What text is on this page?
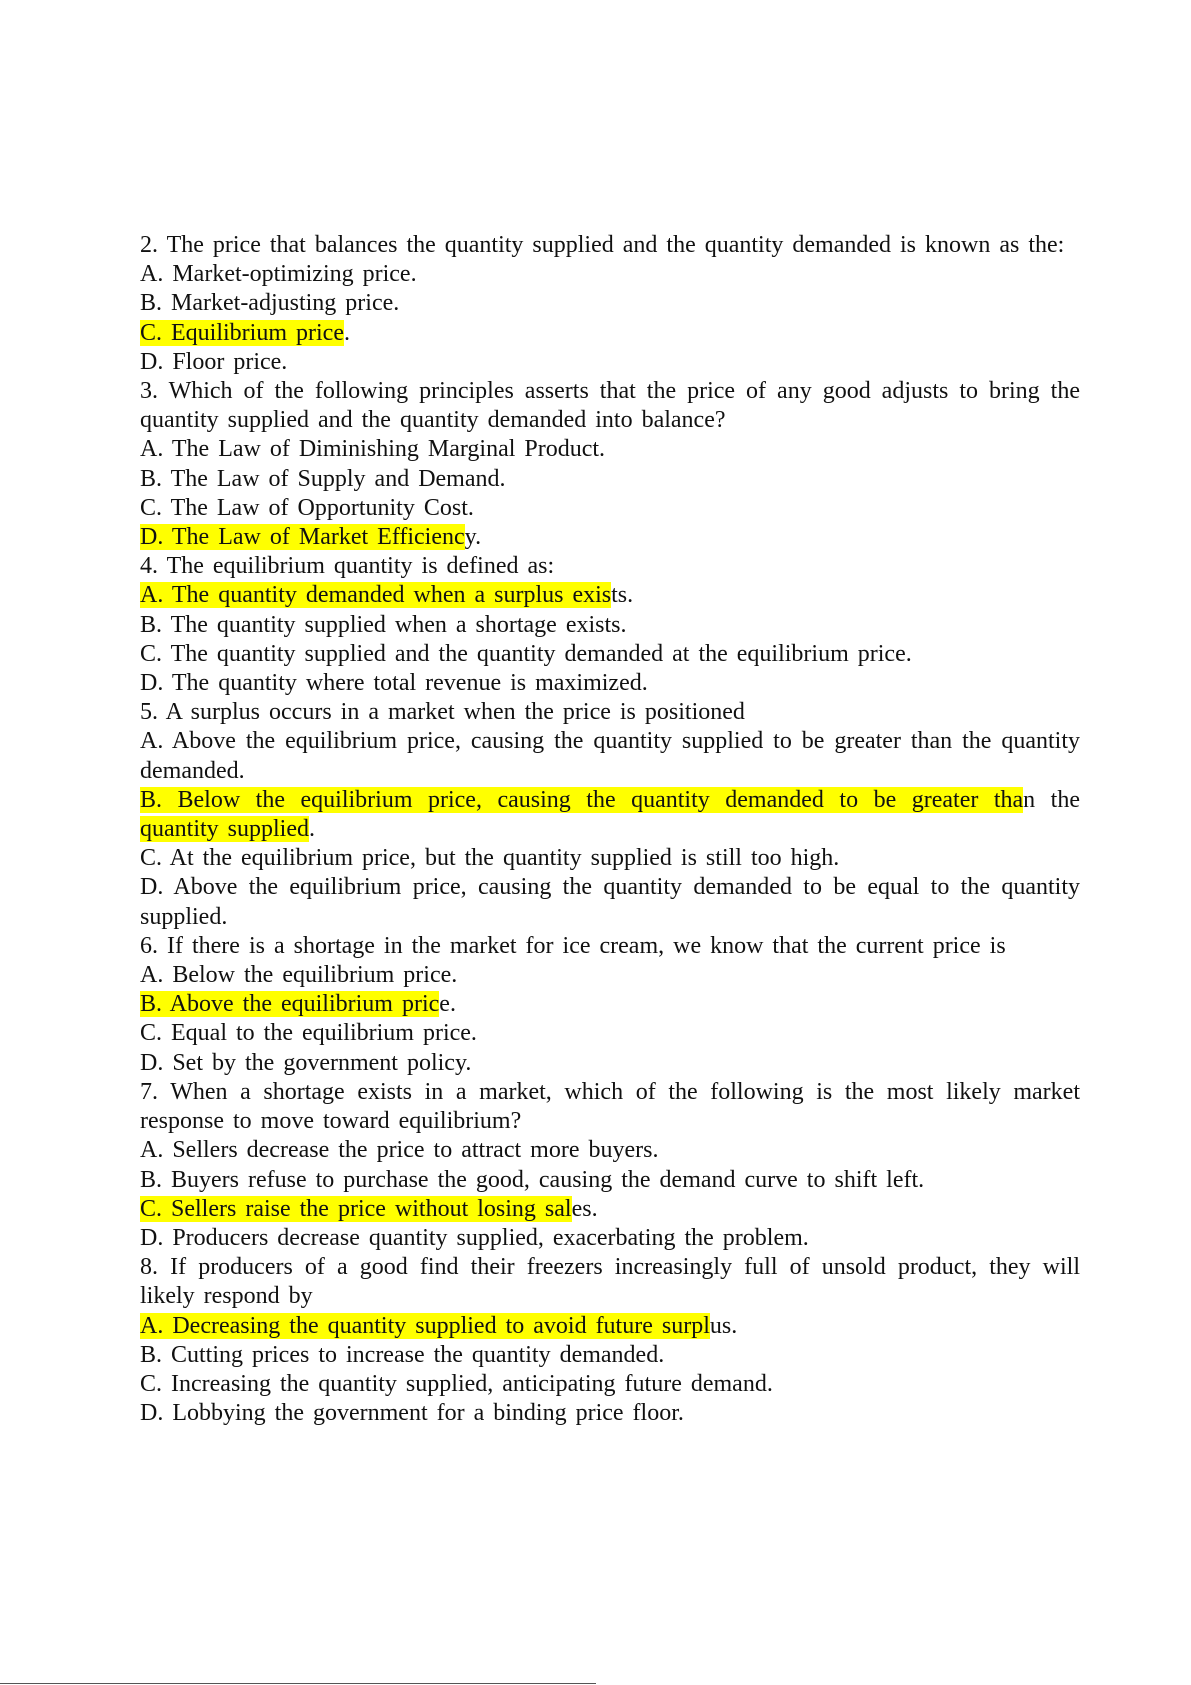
2. The price that balances the quantity supplied and the quantity demanded is known as the:

A. Market-optimizing price.

B. Market-adjusting price.

C. Equilibrium price.

D. Floor price.

3. Which of the following principles asserts that the price of any good adjusts to bring the quantity supplied and the quantity demanded into balance?

A. The Law of Diminishing Marginal Product.

B. The Law of Supply and Demand.

C. The Law of Opportunity Cost.

D. The Law of Market Efficiency.

4. The equilibrium quantity is defined as:

A. The quantity demanded when a surplus exists.

B. The quantity supplied when a shortage exists.

C. The quantity supplied and the quantity demanded at the equilibrium price.

D. The quantity where total revenue is maximized.

5. A surplus occurs in a market when the price is positioned

A. Above the equilibrium price, causing the quantity supplied to be greater than the quantity demanded.

B. Below the equilibrium price, causing the quantity demanded to be greater than the quantity supplied.

C. At the equilibrium price, but the quantity supplied is still too high.

D. Above the equilibrium price, causing the quantity demanded to be equal to the quantity supplied.

6. If there is a shortage in the market for ice cream, we know that the current price is

A. Below the equilibrium price.

B. Above the equilibrium price.

C. Equal to the equilibrium price.

D. Set by the government policy.

7. When a shortage exists in a market, which of the following is the most likely market response to move toward equilibrium?

A. Sellers decrease the price to attract more buyers.

B. Buyers refuse to purchase the good, causing the demand curve to shift left.

C. Sellers raise the price without losing sales.

D. Producers decrease quantity supplied, exacerbating the problem.

8. If producers of a good find their freezers increasingly full of unsold product, they will likely respond by

A. Decreasing the quantity supplied to avoid future surplus.

B. Cutting prices to increase the quantity demanded.

C. Increasing the quantity supplied, anticipating future demand.

D. Lobbying the government for a binding price floor.
